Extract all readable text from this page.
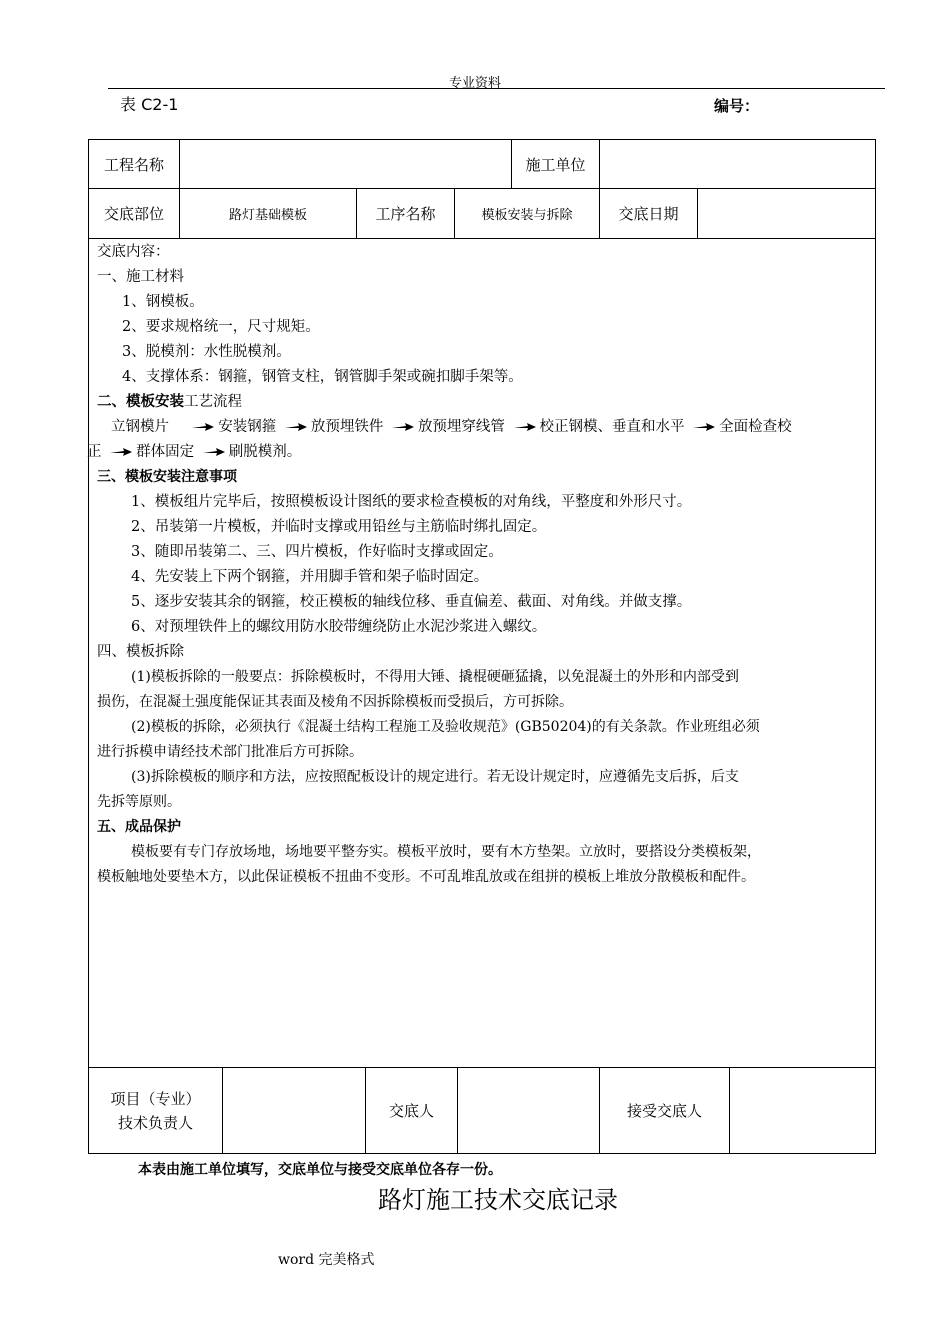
专业资料
表 C2-1	编号：
工程名称	施工单位
交底部位	路灯基础模板	工序名称	模板安装与拆除	交底日期
交底内容：
一、施工材料
1、钢模板。
2、要求规格统一，尺寸规矩。
3、脱模剂：水性脱模剂。
4、支撑体系：钢箍，钢管支柱，钢管脚手架或碗扣脚手架等。
二、模板安装工艺流程
立钢模片	安装钢箍 放预埋铁件 放预埋穿线管 校正钢模、垂直和水平 全面检查校
正 群体固定 刷脱模剂。
三、模板安装注意事项
1、模板组片完毕后，按照模板设计图纸的要求检查模板的对角线，平整度和外形尺寸。
2、吊装第一片模板，并临时支撑或用铅丝与主筋临时绑扎固定。
3、随即吊装第二、三、四片模板，作好临时支撑或固定。
4、先安装上下两个钢箍，并用脚手管和架子临时固定。
5、逐步安装其余的钢箍，校正模板的轴线位移、垂直偏差、截面、对角线。并做支撑。
6、对预埋铁件上的螺纹用防水胶带缠绕防止水泥沙浆进入螺纹。
四、模板拆除
(1)模板拆除的一般要点：拆除模板时，不得用大锤、撬棍硬砸猛撬，以免混凝土的外形和内部受到
损伤，在混凝土强度能保证其表面及棱角不因拆除模板而受损后，方可拆除。
(2)模板的拆除，必须执行《混凝土结构工程施工及验收规范》(GB50204)的有关条款。作业班组必须
进行拆模申请经技术部门批准后方可拆除。
(3)拆除模板的顺序和方法，应按照配板设计的规定进行。若无设计规定时，应遵循先支后拆，后支
先拆等原则。
五、成品保护
模板要有专门存放场地，场地要平整夯实。模板平放时，要有木方垫架。立放时，要搭设分类模板架，
模板触地处要垫木方，以此保证模板不扭曲不变形。不可乱堆乱放或在组拼的模板上堆放分散模板和配件。
项目（专业）
技术负责人
交底人	接受交底人
本表由施工单位填写，交底单位与接受交底单位各存一份。
路灯施工技术交底记录
word 完美格式
